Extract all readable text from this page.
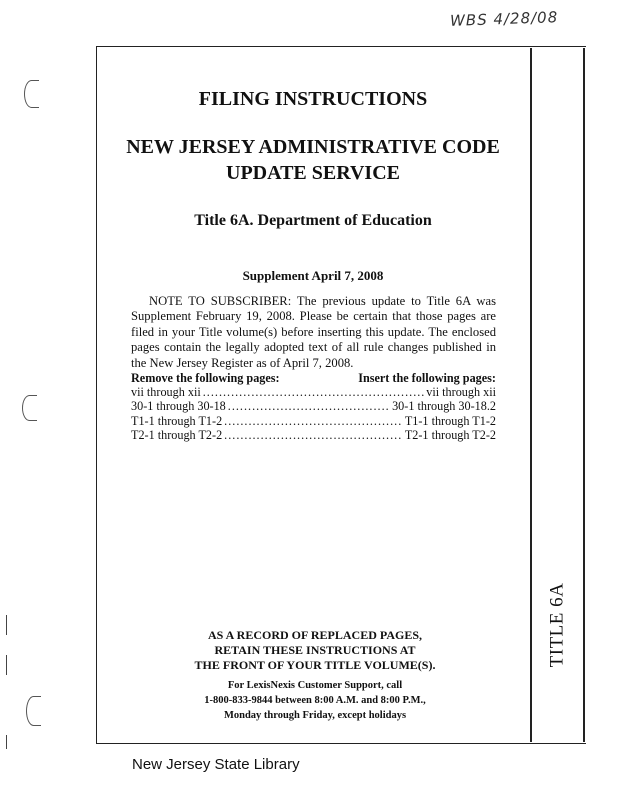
WBS 4/28/08
TITLE 6A
FILING INSTRUCTIONS
NEW JERSEY ADMINISTRATIVE CODE
UPDATE SERVICE
Title 6A. Department of Education
Supplement April 7, 2008
NOTE TO SUBSCRIBER: The previous update to Title 6A was Supplement February 19, 2008. Please be certain that those pages are filed in your Title volume(s) before inserting this update. The enclosed pages contain the legally adopted text of all rule changes published in the New Jersey Register as of April 7, 2008.
Remove the following pages:	Insert the following pages:
vii through xii .....	vii through xii
30-1 through 30-18 .....	30-1 through 30-18.2
T1-1 through T1-2 .....	T1-1 through T1-2
T2-1 through T2-2 .....	T2-1 through T2-2
AS A RECORD OF REPLACED PAGES,
RETAIN THESE INSTRUCTIONS AT
THE FRONT OF YOUR TITLE VOLUME(S).
For LexisNexis Customer Support, call
1-800-833-9844 between 8:00 A.M. and 8:00 P.M.,
Monday through Friday, except holidays
New Jersey State Library
